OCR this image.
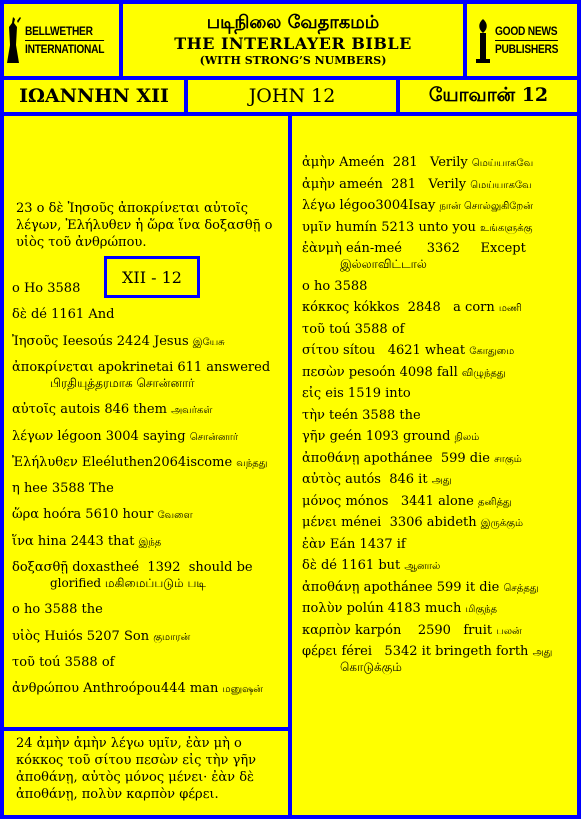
BELLWETHER
INTERNATIONAL
படிநிலை வேதாகமம்
THE INTERLAYER BIBLE
(WITH STRONG’S NUMBERS)
GOOD NEWS
PUBLISHERS
ΙΩΑΝΝΗΝ XII	JOHN 12	யோவான் 12
XII - 12
23 ο δὲ Ἰησοῦς ἀποκρίνεται αὐτοῖς λέγων, Ἐλήλυθεν ἡ ὥρα ἵνα δοξασθῇ ο υἱὸς τοῦ ἀνθρώπου.
ο Ho 3588
δὲ dé 1161 And
Ἰησοῦς Ieesoús 2424 Jesus இயேசு
ἀποκρίνεται apokrinetai 611 answered
பிரதியுத்தரமாக சொன்னார்
αὐτοῖς autois 846 them அவர்கள்
λέγων légoon 3004 saying சொன்னார்
Ἐλήλυθεν Eleéluthen2064iscome வந்தது
η hee 3588 The
ὥρα hoóra 5610 hour வேளை
ἵνα hina 2443 that இந்த
δοξασθῇ doxastheé  1392  should be
glorified மகிமைப்படும் படி
ο ho 3588 the
υἱὸς Huiós 5207 Son குமாரன்
τοῦ toú 3588 of
ἀνθρώπου Anthroópou444 man மனுஷன்
24 ἀμὴν ἀμὴν λέγω υμῖν, ἐὰν μὴ ο κόκκος τοῦ σίτου πεσὼν εἰς τὴν γῆν ἀποθάνῃ, αὐτὸς μόνος μένει· ἐὰν δὲ ἀποθάνῃ, πολὺν καρπὸν φέρει.
ἀμὴν Ameén  281   Verily மெய்யாகவே
ἀμὴν ameén  281   Verily மெய்யாகவே
λέγω légoo3004Isay நான் சொல்லுகிறேன்
υμῖν humín 5213 unto you உங்களுக்கு
ἐὰνμὴ eán-meé      3362     Except
இல்லாவிட்டால்
ο ho 3588
κόκκος kókkos  2848   a corn மணி
τοῦ toú 3588 of
σίτου sítou   4621 wheat கோதுமை
πεσὼν pesoón 4098 fall விழுந்தது
εἰς eis 1519 into
τὴν teén 3588 the
γῆν geén 1093 ground நிலம்
ἀποθάνῃ apothánee  599 die சாகும்
αὐτὸς autós  846 it அது
μόνος mónos   3441 alone தனித்து
μένει ménei  3306 abideth இருக்கும்
ἐὰν Eán 1437 if
δὲ dé 1161 but ஆனால்
ἀποθάνῃ apothánee 599 it die செத்தது
πολὺν polún 4183 much மிகுந்த
καρπὸν karpón    2590   fruit பலன்
φέρει férei   5342 it bringeth forth அது
கொடுக்கும்
